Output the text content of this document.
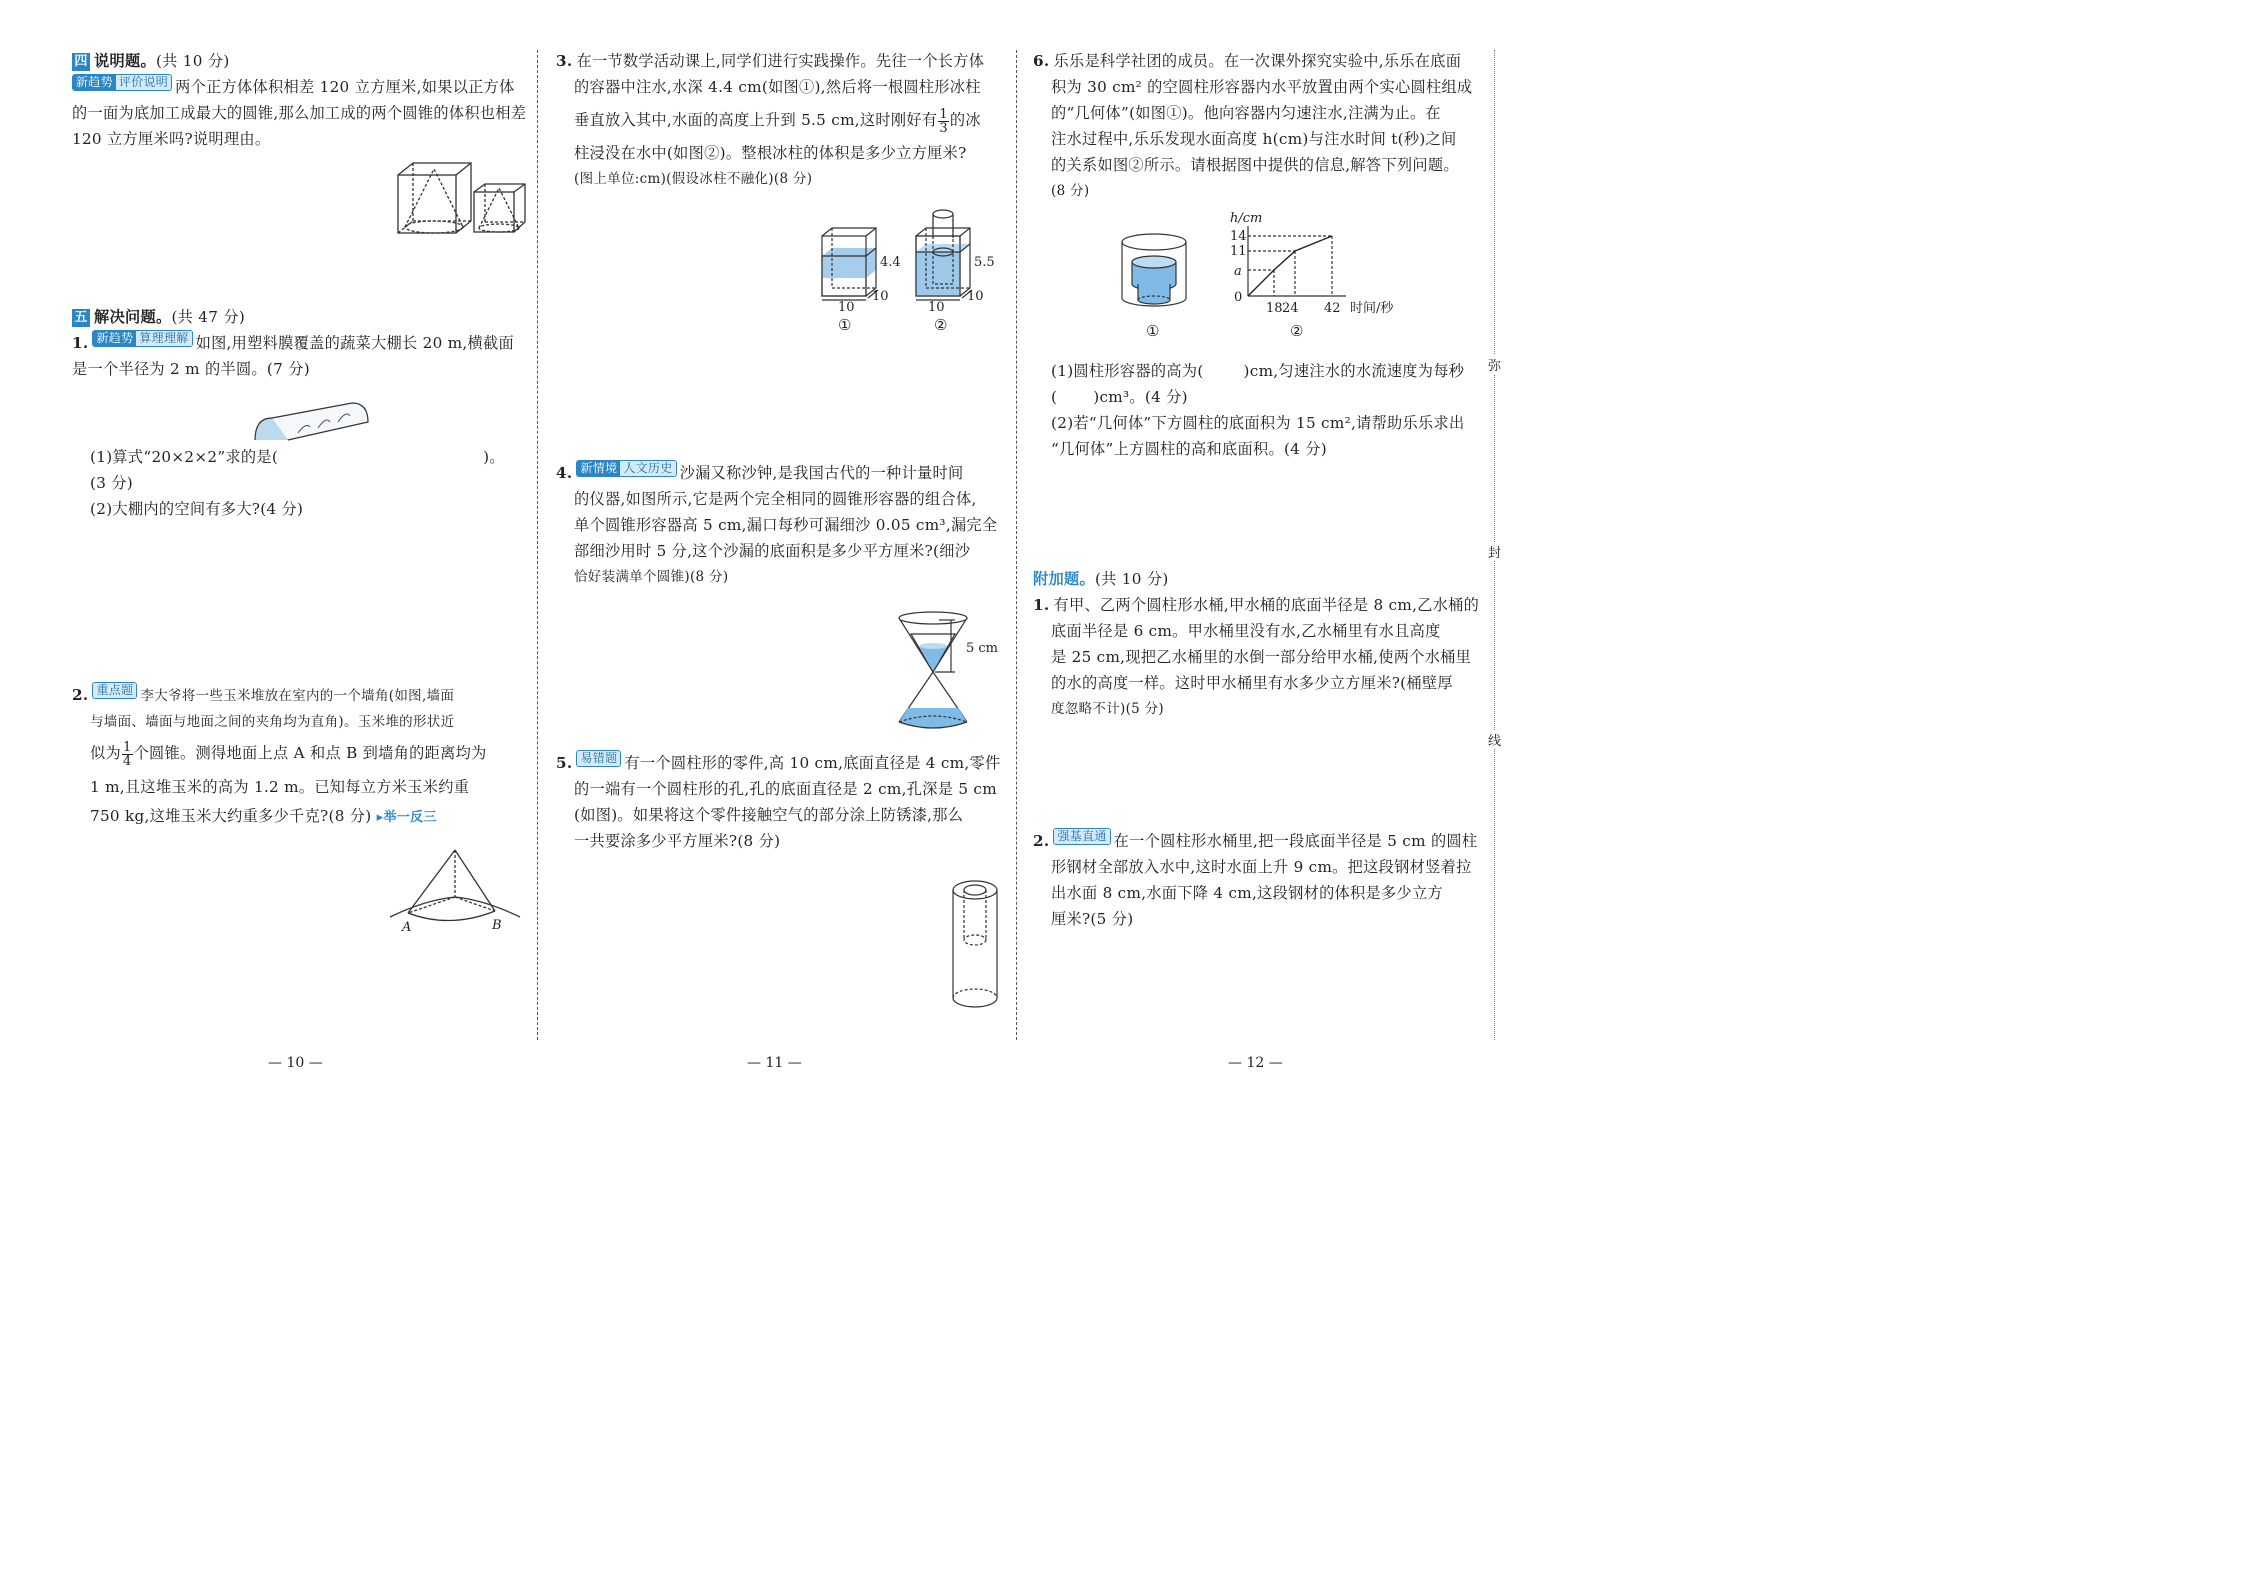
四 说明题。(共 10 分)

新趋势 评价说明 两个正方体体积相差 120 立方厘米,如果以正方体的一面为底加工成最大的圆锥,那么加工成的两个圆锥的体积也相差 120 立方厘米吗?说明理由。

五 解决问题。(共 47 分)

1. 新趋势 算理理解 如图,用塑料膜覆盖的蔬菜大棚长 20 m,横截面是一个半径为 2 m 的半圆。(7 分)

(1)算式“20×2×2”求的是(	)。

(3 分)

(2)大棚内的空间有多大?(4 分)

2. 重点题 李大爷将一些玉米堆放在室内的一个墙角(如图,墙面

与墙面、墙面与地面之间的夹角均为直角)。玉米堆的形状近

似为 $\frac{1}{4}$ 个圆锥。测得地面上点 A 和点 B 到墙角的距离均为

1 m,且这堆玉米的高为 1.2 m。已知每立方米玉米约重

750 kg,这堆玉米大约重多少千克?(8 分) ▸举一反三

A	B

3. 在一节数学活动课上,同学们进行实践操作。先往一个长方体

的容器中注水,水深 4.4 cm(如图①),然后将一根圆柱形冰柱

垂直放入其中,水面的高度上升到 5.5 cm,这时刚好有 $\frac{1}{3}$ 的冰

柱浸没在水中(如图②)。整根冰柱的体积是多少立方厘米?

(图上单位:cm)(假设冰柱不融化)(8 分)

4. 新情境 人文历史 沙漏又称沙钟,是我国古代的一种计量时间

的仪器,如图所示,它是两个完全相同的圆锥形容器的组合体,

单个圆锥形容器高 5 cm,漏口每秒可漏细沙 0.05 cm³,漏完全

部细沙用时 5 分,这个沙漏的底面积是多少平方厘米?(细沙

恰好装满单个圆锥)(8 分)

5. 易错题 有一个圆柱形的零件,高 10 cm,底面直径是 4 cm,零件

的一端有一个圆柱形的孔,孔的底面直径是 2 cm,孔深是 5 cm

(如图)。如果将这个零件接触空气的部分涂上防锈漆,那么

一共要涂多少平方厘米?(8 分)

4.4
10
10
①
5.5
10
10
②
5 cm

6. 乐乐是科学社团的成员。在一次课外探究实验中,乐乐在底面

积为 30 cm² 的空圆柱形容器内水平放置由两个实心圆柱组成

的“几何体”(如图①)。他向容器内匀速注水,注满为止。在

注水过程中,乐乐发现水面高度 h(cm)与注水时间 t(秒)之间

的关系如图②所示。请根据图中提供的信息,解答下列问题。

(8 分)

(1)圆柱形容器的高为(	)cm,匀速注水的水流速度为每秒

( )cm³。(4 分)

(2)若“几何体”下方圆柱的底面积为 15 cm²,请帮助乐乐求出

“几何体”上方圆柱的高和底面积。(4 分)

附加题。(共 10 分)

1. 有甲、乙两个圆柱形水桶,甲水桶的底面半径是 8 cm,乙水桶的

底面半径是 6 cm。甲水桶里没有水,乙水桶里有水且高度

是 25 cm,现把乙水桶里的水倒一部分给甲水桶,使两个水桶里

的水的高度一样。这时甲水桶里有水多少立方厘米?(桶壁厚

度忽略不计)(5 分)

2. 强基直通 在一个圆柱形水桶里,把一段底面半径是 5 cm 的圆柱

形钢材全部放入水中,这时水面上升 9 cm。把这段钢材竖着拉

出水面 8 cm,水面下降 4 cm,这段钢材的体积是多少立方

厘米?(5 分)

①
h/cm
14
11
a
0
18 24 42 时间/秒
②
弥
封
线
— 10 —	— 11 —	— 12 —
